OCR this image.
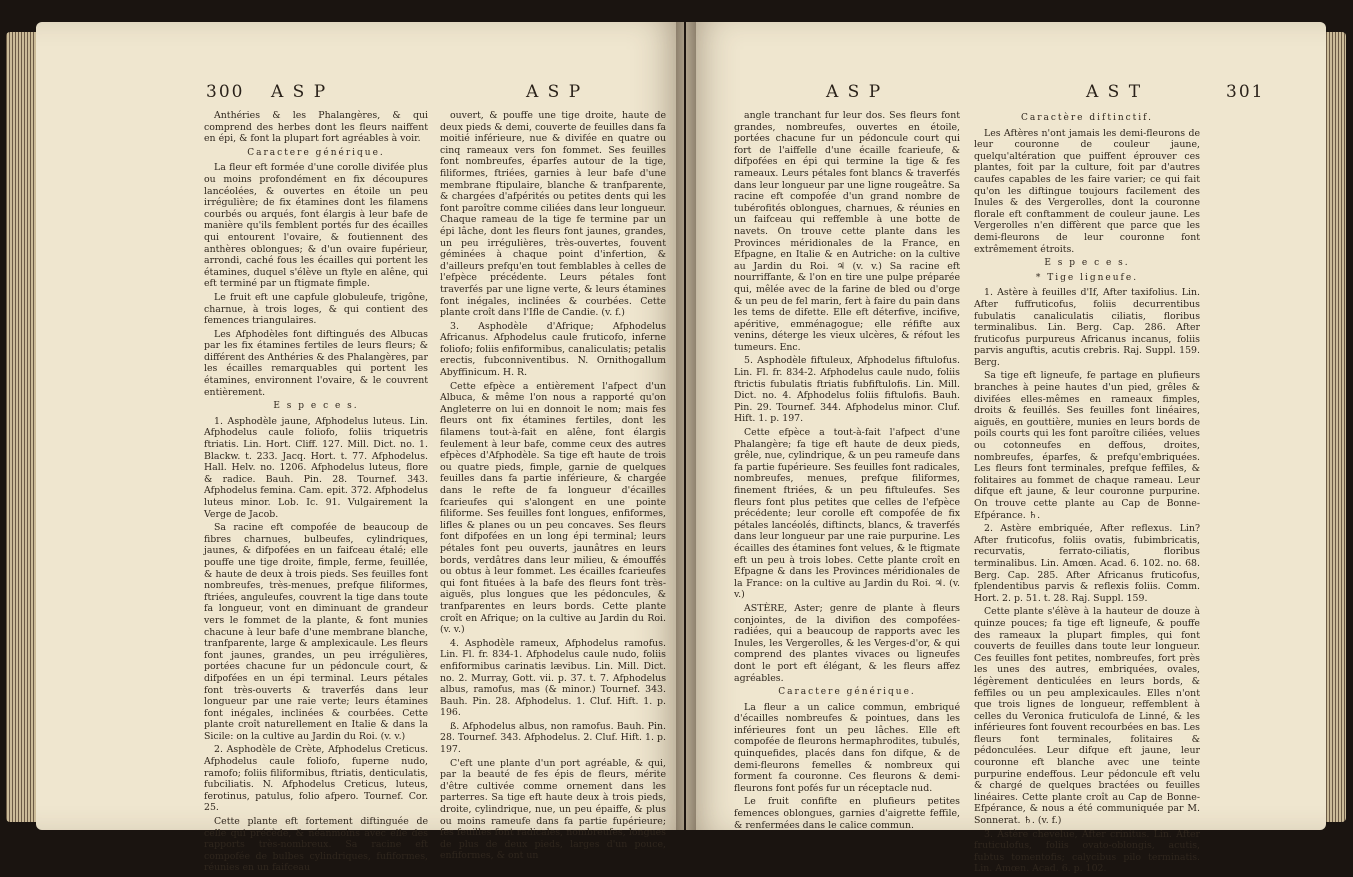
300 A S P	A S P

Anthéries & les Phalangères, & qui comprend des herbes dont les fleurs naiffent en épi, & font la plupart fort agréables à voir.

Caractere générique.

La fleur eft formée d'une corolle divifée plus ou moins profondément en fix découpures lancéolées, & ouvertes en étoile un peu irrégulière; de fix étamines dont les filamens courbés ou arqués, font élargis à leur bafe de manière qu'ils femblent portés fur des écailles qui entourent l'ovaire, & foutiennent des anthères oblongues; & d'un ovaire fupérieur, arrondi, caché fous les écailles qui portent les étamines, duquel s'élève un ftyle en alêne, qui eft terminé par un ftigmate fimple.

Le fruit eft une capfule globuleufe, trigône, charnue, à trois loges, & qui contient des femences triangulaires.

Les Afphodèles font diftingués des Albucas par les fix étamines fertiles de leurs fleurs; & différent des Anthéries & des Phalangères, par les écailles remarquables qui portent les étamines, environnent l'ovaire, & le couvrent entièrement.

E s p e c e s.

1. Asphodèle jaune, Afphodelus luteus. Lin. Afphodelus caule foliofo, foliis triquetris ftriatis. Lin. Hort. Cliff. 127. Mill. Dict. no. 1. Blackw. t. 233. Jacq. Hort. t. 77. Afphodelus. Hall. Helv. no. 1206. Afphodelus luteus, flore & radice. Bauh. Pin. 28. Tournef. 343. Afphodelus femina. Cam. epit. 372. Afphodelus luteus minor. Lob. Ic. 91. Vulgairement la Verge de Jacob.

Sa racine eft compofée de beaucoup de fibres charnues, bulbeufes, cylindriques, jaunes, & difpofées en un faifceau étalé; elle pouffe une tige droite, fimple, ferme, feuillée, & haute de deux à trois pieds. Ses feuilles font nombreufes, très-menues, prefque filiformes, ftriées, anguleufes, couvrent la tige dans toute fa longueur, vont en diminuant de grandeur vers le fommet de la plante, & font munies chacune à leur bafe d'une membrane blanche, tranfparente, large & amplexicaule. Les fleurs font jaunes, grandes, un peu irrégulières, portées chacune fur un pédoncule court, & difpofées en un épi terminal. Leurs pétales font très-ouverts & traverfés dans leur longueur par une raie verte; leurs étamines font inégales, inclinées & courbées. Cette plante croît naturellement en Italie & dans la Sicile: on la cultive au Jardin du Roi. (v. v.)

2. Asphodèle de Crète, Afphodelus Creticus. Afphodelus caule foliofo, fuperne nudo, ramofo; foliis filiformibus, ftriatis, denticulatis, fubciliatis. N. Afphodelus Creticus, luteus, ferotinus, patulus, folio afpero. Tournef. Cor. 25.

Cette plante eft fortement diftinguée de celle qui précède, & néanmoins avec elle des rapports très-nombreux. Sa racine eft compofée de bulbes cylindriques, fufiformes, réunies en un faifceau

ouvert, & pouffe une tige droite, haute de deux pieds & demi, couverte de feuilles dans fa moitié inférieure, nue & divifée en quatre ou cinq rameaux vers fon fommet. Ses feuilles font nombreufes, éparfes autour de la tige, filiformes, ftriées, garnies à leur bafe d'une membrane ftipulaire, blanche & tranfparente, & chargées d'afpérités ou petites dents qui les font paroître comme ciliées dans leur longueur. Chaque rameau de la tige fe termine par un épi lâche, dont les fleurs font jaunes, grandes, un peu irrégulières, très-ouvertes, fouvent géminées à chaque point d'infertion, & d'ailleurs prefqu'en tout femblables à celles de l'efpèce précédente. Leurs pétales font traverfés par une ligne verte, & leurs étamines font inégales, inclinées & courbées. Cette plante croît dans l'Ifle de Candie. (v. f.)

3. Asphodèle d'Afrique; Afphodelus Africanus. Afphodelus caule fruticofo, inferne foliofo; foliis enfiformibus, canaliculatis; petalis erectis, fubconniventibus. N. Ornithogallum Abyffinicum. H. R.

Cette efpèce a entièrement l'afpect d'un Albuca, & même l'on nous a rapporté qu'on Angleterre on lui en donnoit le nom; mais fes fleurs ont fix étamines fertiles, dont les filamens tout-à-fait en alêne, font élargis feulement à leur bafe, comme ceux des autres efpèces d'Afphodèle. Sa tige eft haute de trois ou quatre pieds, fimple, garnie de quelques feuilles dans fa partie inférieure, & chargée dans le refte de fa longueur d'écailles fcarieufes qui s'alongent en une pointe filiforme. Ses feuilles font longues, enfiformes, lifles & planes ou un peu concaves. Ses fleurs font difpofées en un long épi terminal; leurs pétales font peu ouverts, jaunâtres en leurs bords, verdâtres dans leur milieu, & émouffés ou obtus à leur fommet. Les écailles fcarieufes qui font fituées à la bafe des fleurs font très-aiguës, plus longues que les pédoncules, & tranfparentes en leurs bords. Cette plante croît en Afrique; on la cultive au Jardin du Roi. (v. v.)

4. Asphodèle rameux, Afphodelus ramofus. Lin. Fl. fr. 834-1. Afphodelus caule nudo, foliis enfiformibus carinatis lævibus. Lin. Mill. Dict. no. 2. Murray, Gott. vii. p. 37. t. 7. Afphodelus albus, ramofus, mas (& minor.) Tournef. 343. Bauh. Pin. 28. Afphodelus. 1. Cluf. Hift. 1. p. 196.

ß. Afphodelus albus, non ramofus. Bauh. Pin. 28. Tournef. 343. Afphodelus. 2. Cluf. Hift. 1. p. 197.

C'eft une plante d'un port agréable, & qui, par la beauté de fes épis de fleurs, mérite d'être cultivée comme ornement dans les parterres. Sa tige eft haute deux à trois pieds, droite, cylindrique, nue, un peu épaiffe, & plus ou moins rameufe dans fa partie fupérieure; fes feuilles font radicales, nombreufes, longues de plus de deux pieds, larges d'un pouce, enfiformes, & ont un

A S P	A S T	301

angle tranchant fur leur dos. Ses fleurs font grandes, nombreufes, ouvertes en étoile, portées chacune fur un pédoncule court qui fort de l'aiffelle d'une écaille fcarieufe, & difpofées en épi qui termine la tige & fes rameaux. Leurs pétales font blancs & traverfés dans leur longueur par une ligne rougeâtre. Sa racine eft compofée d'un grand nombre de tubérofités oblongues, charnues, & réunies en un faifceau qui reffemble à une botte de navets. On trouve cette plante dans les Provinces méridionales de la France, en Efpagne, en Italie & en Autriche: on la cultive au Jardin du Roi. ♃ (v. v.) Sa racine eft nourriffante, & l'on en tire une pulpe préparée qui, mêlée avec de la farine de bled ou d'orge & un peu de fel marin, fert à faire du pain dans les tems de difette. Elle eft déterfive, incifive, apéritive, emménagogue; elle réfifte aux venins, déterge les vieux ulcères, & réfout les tumeurs. Enc.

5. Asphodèle fiftuleux, Afphodelus fiftulofus. Lin. Fl. fr. 834-2. Afphodelus caule nudo, foliis ftrictis fubulatis ftriatis fubfiftulofis. Lin. Mill. Dict. no. 4. Afphodelus foliis fiftulofis. Bauh. Pin. 29. Tournef. 344. Afphodelus minor. Cluf. Hift. 1. p. 197.

Cette efpèce a tout-à-fait l'afpect d'une Phalangère; fa tige eft haute de deux pieds, grêle, nue, cylindrique, & un peu rameufe dans fa partie fupérieure. Ses feuilles font radicales, nombreufes, menues, prefque filiformes, finement ftriées, & un peu fiftuleufes. Ses fleurs font plus petites que celles de l'efpèce précédente; leur corolle eft compofée de fix pétales lancéolés, diftincts, blancs, & traverfés dans leur longueur par une raie purpurine. Les écailles des étamines font velues, & le ftigmate eft un peu à trois lobes. Cette plante croît en Efpagne & dans les Provinces méridionales de la France: on la cultive au Jardin du Roi. ♃. (v. v.)

ASTÈRE, Aster; genre de plante à fleurs conjointes, de la divifion des compofées-radiées, qui a beaucoup de rapports avec les Inules, les Vergerolles, & les Verges-d'or, & qui comprend des plantes vivaces ou ligneufes dont le port eft élégant, & les fleurs affez agréables.

Caractere générique.

La fleur a un calice commun, embriqué d'écailles nombreufes & pointues, dans les inférieures font un peu lâches. Elle eft compofée de fleurons hermaphrodites, tubulés, quinquefides, placés dans fon difque, & de demi-fleurons femelles & nombreux qui forment fa couronne. Ces fleurons & demi-fleurons font pofés fur un réceptacle nud.

Le fruit confifte en plufieurs petites femences oblongues, garnies d'aigrette feffile, & renfermées dans le calice commun.

Caractère diftinctif.

Les Aftères n'ont jamais les demi-fleurons de leur couronne de couleur jaune, quelqu'altération que puiffent éprouver ces plantes, foit par la culture, foit par d'autres caufes capables de les faire varier; ce qui fait qu'on les diftingue toujours facilement des Inules & des Vergerolles, dont la couronne florale eft conftamment de couleur jaune. Les Vergerolles n'en diffèrent que parce que les demi-fleurons de leur couronne font extrêmement étroits.

E s p e c e s.

* Tige ligneufe.

1. Astère à feuilles d'If, After taxifolius. Lin. After fuffruticofus, foliis decurrentibus fubulatis canaliculatis ciliatis, floribus terminalibus. Lin. Berg. Cap. 286. After fruticofus purpureus Africanus incanus, foliis parvis anguftis, acutis crebris. Raj. Suppl. 159. Berg.

Sa tige eft ligneufe, fe partage en plufieurs branches à peine hautes d'un pied, grêles & divifées elles-mêmes en rameaux fimples, droits & feuillés. Ses feuilles font linéaires, aiguës, en gouttière, munies en leurs bords de poils courts qui les font paroître ciliées, velues ou cotonneufes en deffous, droites, nombreufes, éparfes, & prefqu'embriquées. Les fleurs font terminales, prefque feffiles, & folitaires au fommet de chaque rameau. Leur difque eft jaune, & leur couronne purpurine. On trouve cette plante au Cap de Bonne-Efpérance. ♄.

2. Astère embriquée, After reflexus. Lin? After fruticofus, foliis ovatis, fubimbricatis, recurvatis, ferrato-ciliatis, floribus terminalibus. Lin. Amœn. Acad. 6. 102. no. 68. Berg. Cap. 285. After Africanus fruticofus, fplendentibus parvis & reflexis foliis. Comm. Hort. 2. p. 51. t. 28. Raj. Suppl. 159.

Cette plante s'élève à la hauteur de douze à quinze pouces; fa tige eft ligneufe, & pouffe des rameaux la plupart fimples, qui font couverts de feuilles dans toute leur longueur. Ces feuilles font petites, nombreufes, fort près les unes des autres, embriquées, ovales, légèrement denticulées en leurs bords, & feffiles ou un peu amplexicaules. Elles n'ont que trois lignes de longueur, reffemblent à celles du Veronica fruticulofa de Linné, & les inférieures font fouvent recourbées en bas. Les fleurs font terminales, folitaires & pédonculées. Leur difque eft jaune, leur couronne eft blanche avec une teinte purpurine endeffous. Leur pédoncule eft velu & chargé de quelques bractées ou feuilles linéaires. Cette plante croît au Cap de Bonne-Efpérance, & nous a été communiquée par M. Sonnerat. ♄. (v. f.)

3. Astère chevelue, After crinitus. Lin. After fruticulofus, foliis ovato-oblongis, acutis, fubtus tomentofis; calycibus pilo terminatis. Lin. Amœn. Acad. 6. p. 102.
